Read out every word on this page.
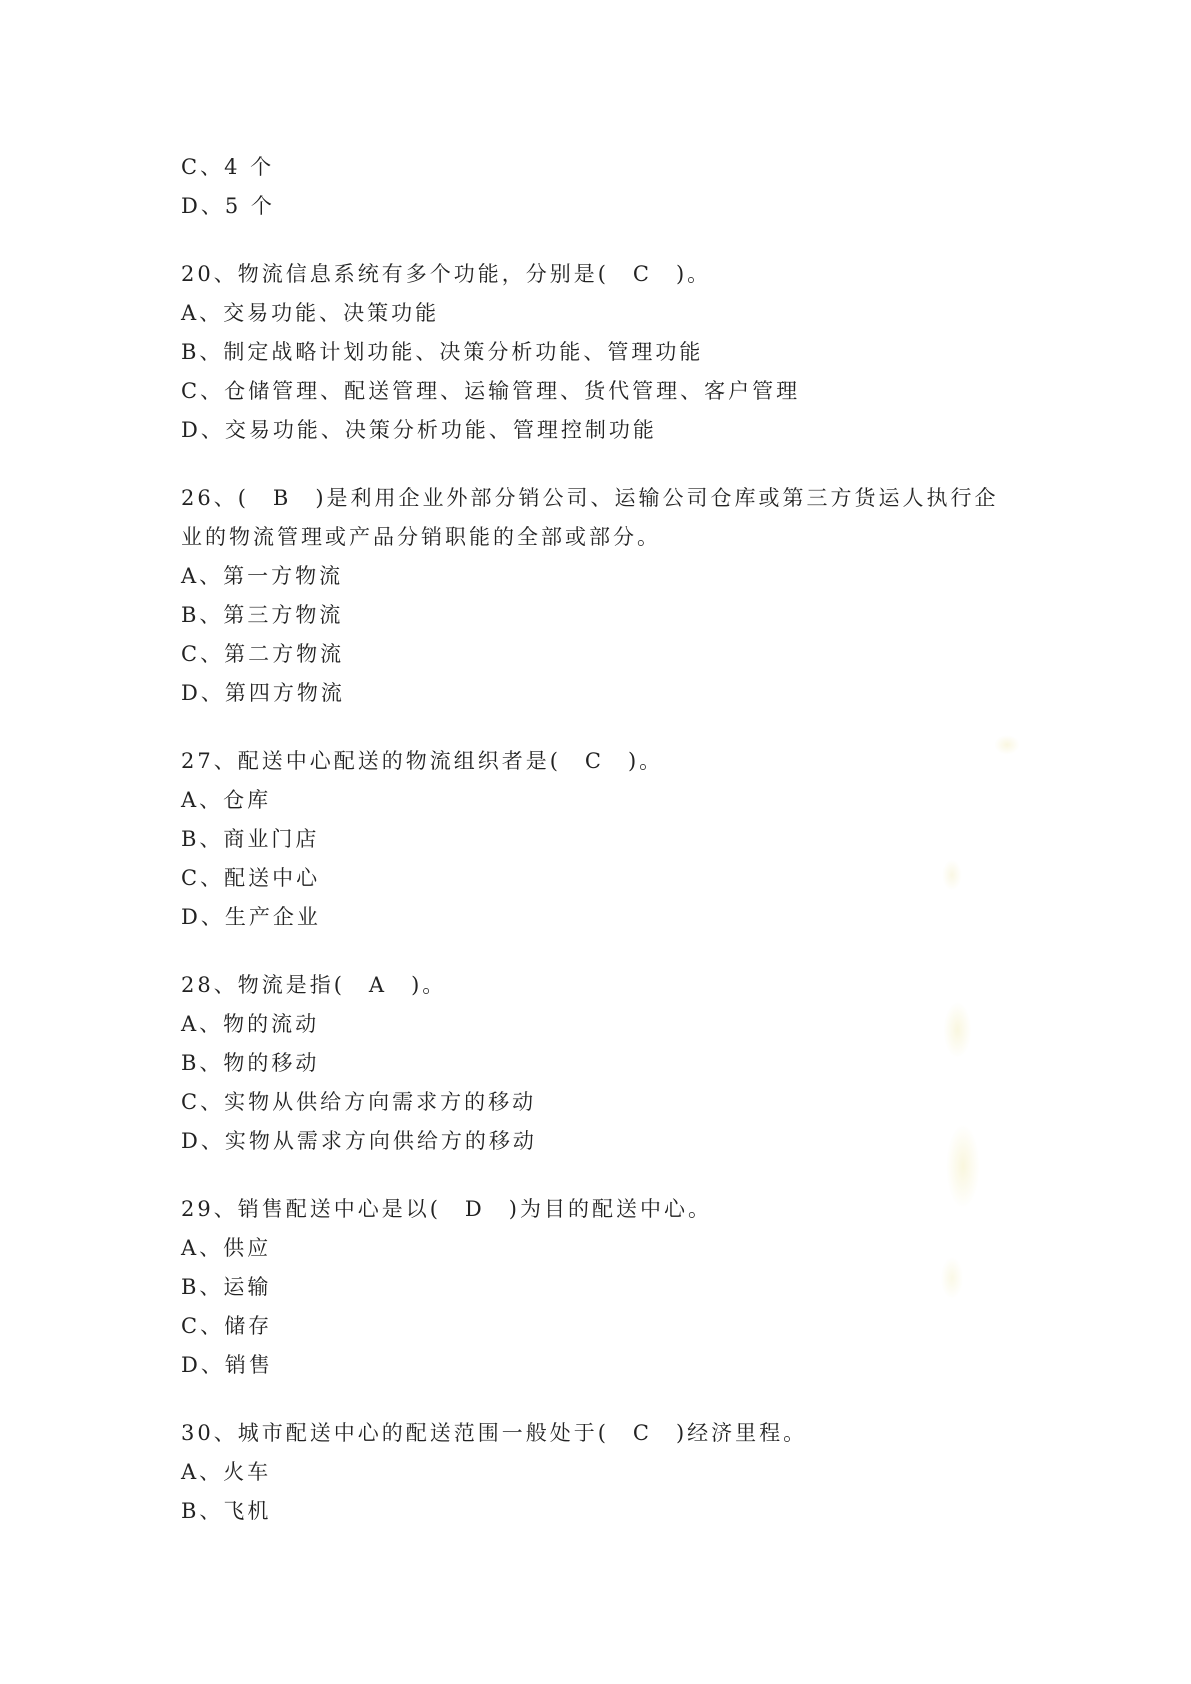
C、4 个
D、5 个
20、物流信息系统有多个功能，分别是(　C　)。
A、交易功能、决策功能
B、制定战略计划功能、决策分析功能、管理功能
C、仓储管理、配送管理、运输管理、货代管理、客户管理
D、交易功能、决策分析功能、管理控制功能
26、(　B　)是利用企业外部分销公司、运输公司仓库或第三方货运人执行企业的物流管理或产品分销职能的全部或部分。
A、第一方物流
B、第三方物流
C、第二方物流
D、第四方物流
27、配送中心配送的物流组织者是(　C　)。
A、仓库
B、商业门店
C、配送中心
D、生产企业
28、物流是指(　A　)。
A、物的流动
B、物的移动
C、实物从供给方向需求方的移动
D、实物从需求方向供给方的移动
29、销售配送中心是以(　D　)为目的配送中心。
A、供应
B、运输
C、储存
D、销售
30、城市配送中心的配送范围一般处于(　C　)经济里程。
A、火车
B、飞机
